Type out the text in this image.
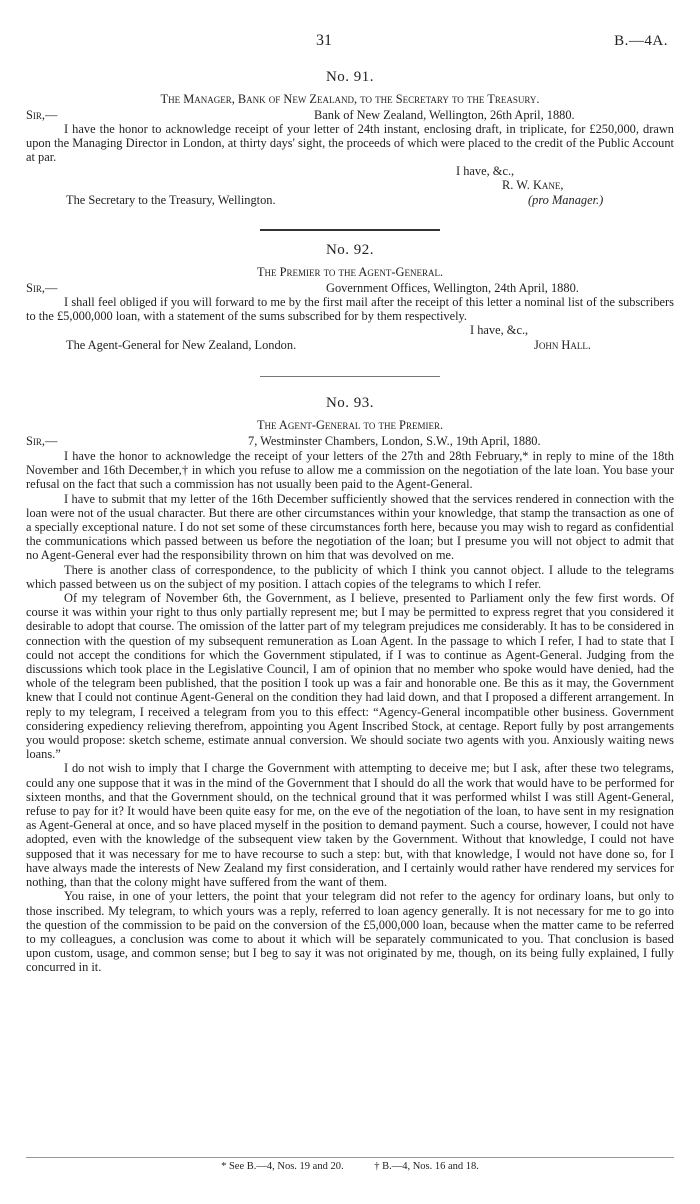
31	B.—4A.
No. 91.
The Manager, Bank of New Zealand, to the Secretary to the Treasury.
Sir,—	Bank of New Zealand, Wellington, 26th April, 1880.

I have the honor to acknowledge receipt of your letter of 24th instant, enclosing draft, in triplicate, for £250,000, drawn upon the Managing Director in London, at thirty days' sight, the proceeds of which were placed to the credit of the Public Account at par.

I have, &c.,
R. W. Kane,
The Secretary to the Treasury, Wellington.	(pro Manager.)
No. 92.
The Premier to the Agent-General.
Sir,—	Government Offices, Wellington, 24th April, 1880.

I shall feel obliged if you will forward to me by the first mail after the receipt of this letter a nominal list of the subscribers to the £5,000,000 loan, with a statement of the sums subscribed for by them respectively.

I have, &c.,
The Agent-General for New Zealand, London.	John Hall.
No. 93.
The Agent-General to the Premier.
Sir,—	7, Westminster Chambers, London, S.W., 19th April, 1880.

I have the honor to acknowledge the receipt of your letters of the 27th and 28th February,* in reply to mine of the 18th November and 16th December,† in which you refuse to allow me a commission on the negotiation of the late loan. You base your refusal on the fact that such a commission has not usually been paid to the Agent-General.

I have to submit that my letter of the 16th December sufficiently showed that the services rendered in connection with the loan were not of the usual character. But there are other circumstances within your knowledge, that stamp the transaction as one of a specially exceptional nature. I do not set some of these circumstances forth here, because you may wish to regard as confidential the communications which passed between us before the negotiation of the loan; but I presume you will not object to admit that no Agent-General ever had the responsibility thrown on him that was devolved on me.

There is another class of correspondence, to the publicity of which I think you cannot object. I allude to the telegrams which passed between us on the subject of my position. I attach copies of the telegrams to which I refer.

Of my telegram of November 6th, the Government, as I believe, presented to Parliament only the few first words. Of course it was within your right to thus only partially represent me; but I may be permitted to express regret that you considered it desirable to adopt that course. The omission of the latter part of my telegram prejudices me considerably. It has to be considered in connection with the question of my subsequent remuneration as Loan Agent. In the passage to which I refer, I had to state that I could not accept the conditions for which the Government stipulated, if I was to continue as Agent-General. Judging from the discussions which took place in the Legislative Council, I am of opinion that no member who spoke would have denied, had the whole of the telegram been published, that the position I took up was a fair and honorable one. Be this as it may, the Government knew that I could not continue Agent-General on the condition they had laid down, and that I proposed a different arrangement. In reply to my telegram, I received a telegram from you to this effect: “Agency-General incompatible other business. Government considering expediency relieving therefrom, appointing you Agent Inscribed Stock, at centage. Report fully by post arrangements you would propose: sketch scheme, estimate annual conversion. We should sociate two agents with you. Anxiously waiting news loans.”

I do not wish to imply that I charge the Government with attempting to deceive me; but I ask, after these two telegrams, could any one suppose that it was in the mind of the Government that I should do all the work that would have to be performed for sixteen months, and that the Government should, on the technical ground that it was performed whilst I was still Agent-General, refuse to pay for it? It would have been quite easy for me, on the eve of the negotiation of the loan, to have sent in my resignation as Agent-General at once, and so have placed myself in the position to demand payment. Such a course, however, I could not have adopted, even with the knowledge of the subsequent view taken by the Government. Without that knowledge, I could not have supposed that it was necessary for me to have recourse to such a step: but, with that knowledge, I would not have done so, for I have always made the interests of New Zealand my first consideration, and I certainly would rather have rendered my services for nothing, than that the colony might have suffered from the want of them.

You raise, in one of your letters, the point that your telegram did not refer to the agency for ordinary loans, but only to those inscribed. My telegram, to which yours was a reply, referred to loan agency generally. It is not necessary for me to go into the question of the commission to be paid on the conversion of the £5,000,000 loan, because when the matter came to be referred to my colleagues, a conclusion was come to about it which will be separately communicated to you. That conclusion is based upon custom, usage, and common sense; but I beg to say it was not originated by me, though, on its being fully explained, I fully concurred in it.

* See B.—4, Nos. 19 and 20.	† B.—4, Nos. 16 and 18.
